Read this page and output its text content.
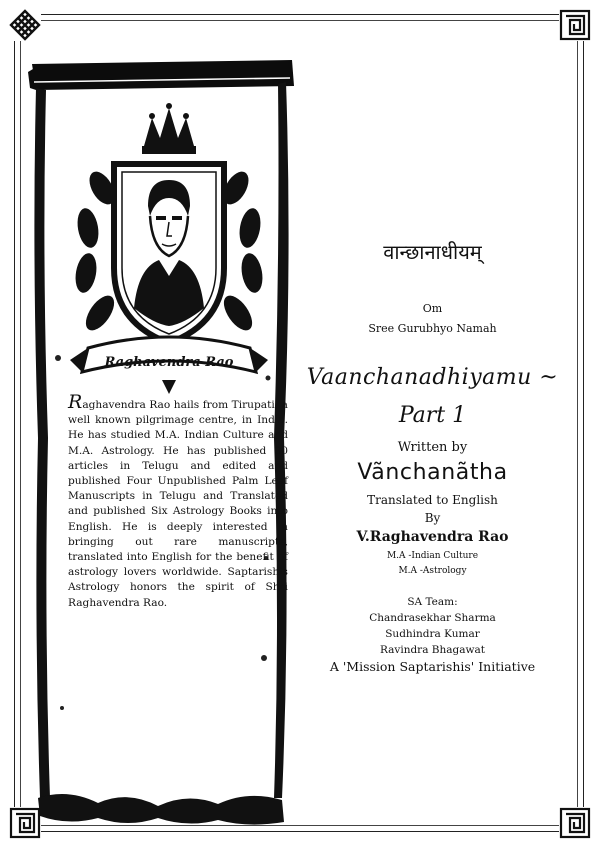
Raghavendra Rao
Raghavendra Rao hails from Tirupati, a well known pilgrimage centre, in India. He has studied M.A. Indian Culture and M.A. Astrology. He has published 30 articles in Telugu and edited and published Four Unpublished Palm Leaf Manuscripts in Telugu and Translated and published Six Astrology Books into English. He is deeply interested in bringing out rare manuscripts, translated into English for the benefit of astrology lovers worldwide. Saptarishis Astrology honors the spirit of Shri Raghavendra Rao.
वान्छानाधीयम्
Om
Sree Gurubhyo Namah
Vaanchanadhiyamu ~
Part 1
Written by
Vãnchanãtha
Translated to English
By
V.Raghavendra Rao
M.A -Indian Culture
M.A -Astrology
SA Team:
Chandrasekhar Sharma
Sudhindra Kumar
Ravindra Bhagawat
A 'Mission Saptarishis' Initiative
